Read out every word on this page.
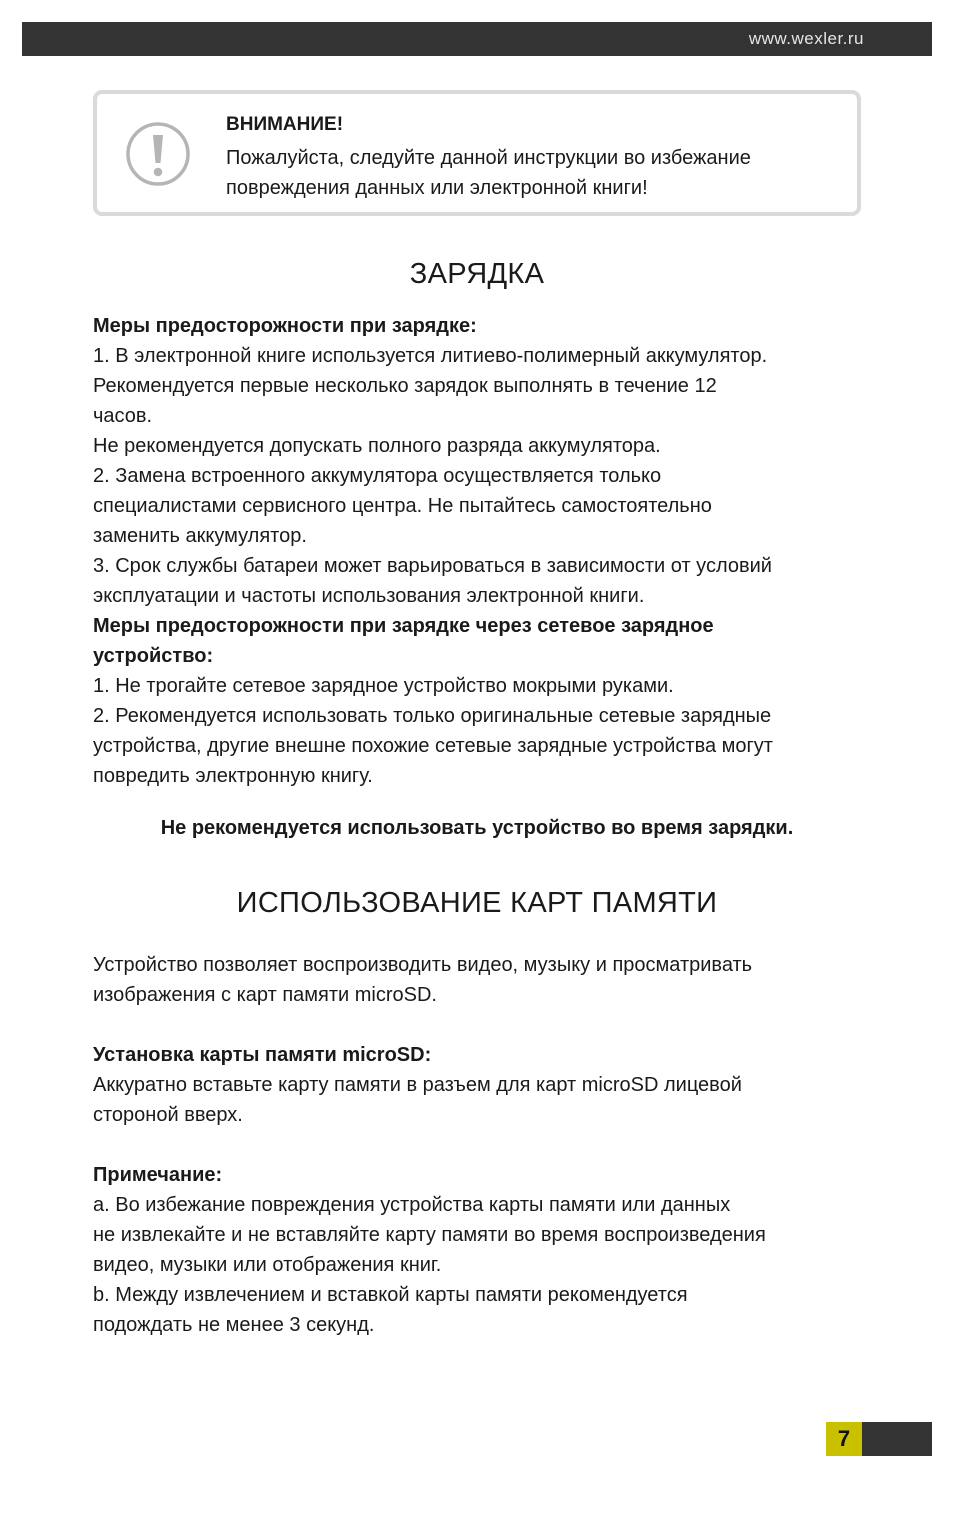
www.wexler.ru
ВНИМАНИЕ!
Пожалуйста, следуйте данной инструкции во избежание
повреждения данных или электронной книги!
ЗАРЯДКА

Меры предосторожности при зарядке:

1. В электронной книге используется литиево-полимерный аккумулятор.

Рекомендуется первые несколько зарядок выполнять в течение 12

часов.

Не рекомендуется допускать полного разряда аккумулятора.

2. Замена встроенного аккумулятора осуществляется только

специалистами сервисного центра. Не пытайтесь самостоятельно

заменить аккумулятор.

3. Срок службы батареи может варьироваться в зависимости от условий

эксплуатации и частоты использования электронной книги.

Меры предосторожности при зарядке через сетевое зарядное

устройство:

1. Не трогайте сетевое зарядное устройство мокрыми руками.

2. Рекомендуется использовать только оригинальные сетевые зарядные

устройства, другие внешне похожие сетевые зарядные устройства могут

повредить электронную книгу.

Не рекомендуется использовать устройство во время зарядки.
ИСПОЛЬЗОВАНИЕ КАРТ ПАМЯТИ

Устройство позволяет воспроизводить видео, музыку и просматривать

изображения с карт памяти microSD.

Установка карты памяти microSD:

Аккуратно вставьте карту памяти в разъем для карт microSD лицевой

стороной вверх.

Примечание:

a. Во избежание повреждения устройства карты памяти или данных

не извлекайте и не вставляйте карту памяти во время воспроизведения

видео, музыки или отображения книг.

b. Между извлечением и вставкой карты памяти рекомендуется

подождать не менее 3 секунд.

7
